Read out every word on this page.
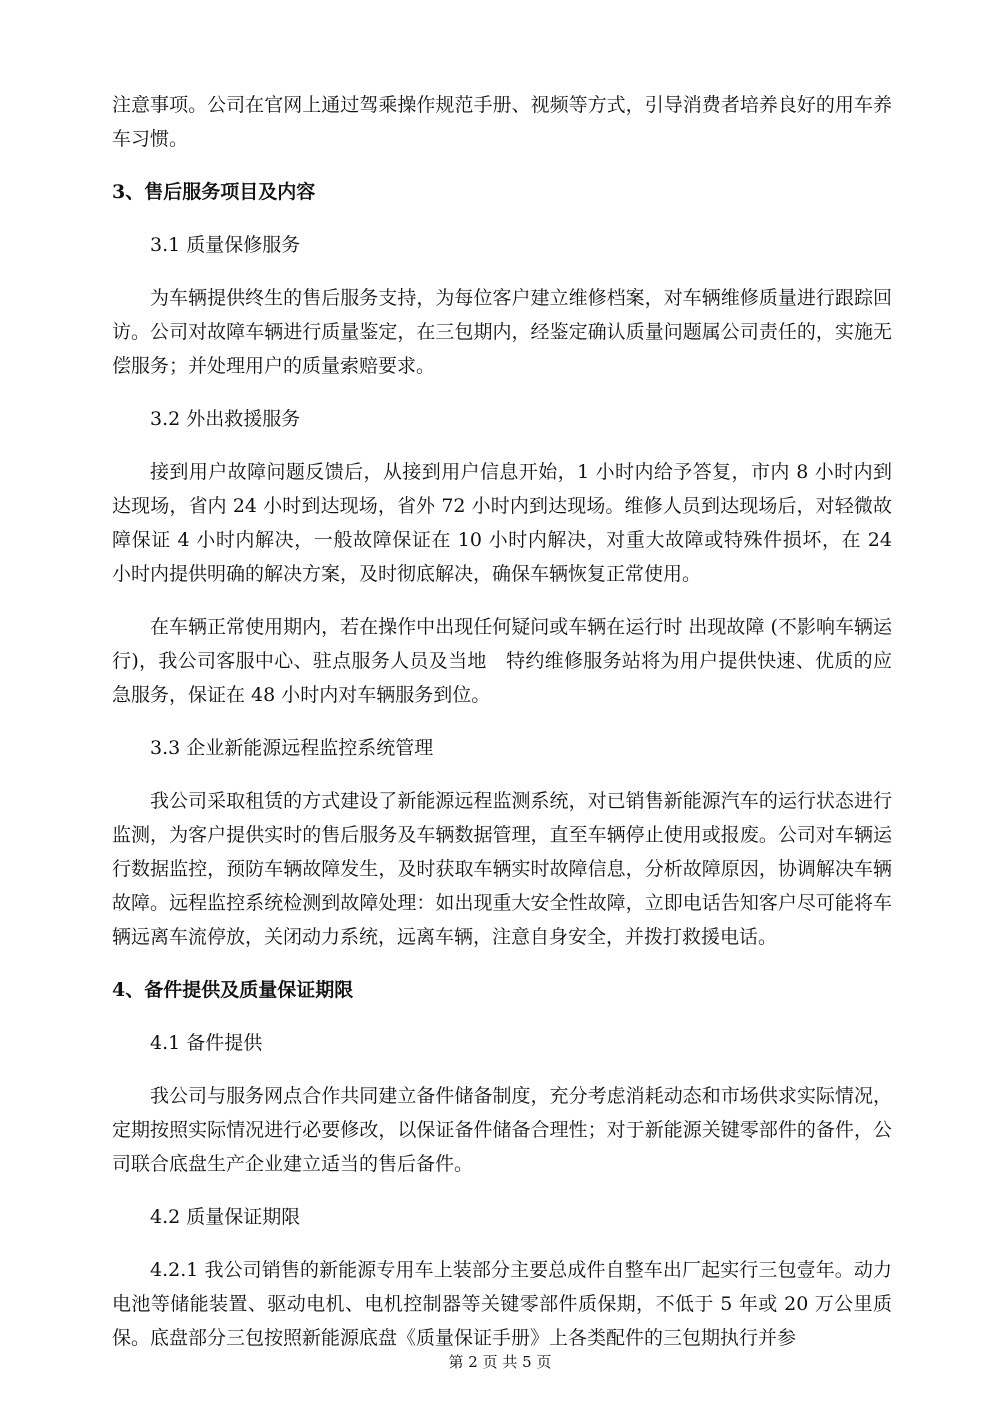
注意事项。公司在官网上通过驾乘操作规范手册、视频等方式，引导消费者培养良好的用车养车习惯。

3、售后服务项目及内容

3.1 质量保修服务

为车辆提供终生的售后服务支持，为每位客户建立维修档案，对车辆维修质量进行跟踪回访。公司对故障车辆进行质量鉴定，在三包期内，经鉴定确认质量问题属公司责任的，实施无偿服务；并处理用户的质量索赔要求。

3.2 外出救援服务

接到用户故障问题反馈后，从接到用户信息开始，1 小时内给予答复，市内 8 小时内到达现场，省内 24 小时到达现场，省外 72 小时内到达现场。维修人员到达现场后，对轻微故障保证 4 小时内解决，一般故障保证在 10 小时内解决，对重大故障或特殊件损坏，在 24 小时内提供明确的解决方案，及时彻底解决，确保车辆恢复正常使用。

在车辆正常使用期内，若在操作中出现任何疑问或车辆在运行时 出现故障 (不影响车辆运行)，我公司客服中心、驻点服务人员及当地　特约维修服务站将为用户提供快速、优质的应急服务，保证在 48 小时内对车辆服务到位。

3.3 企业新能源远程监控系统管理

我公司采取租赁的方式建设了新能源远程监测系统，对已销售新能源汽车的运行状态进行监测，为客户提供实时的售后服务及车辆数据管理，直至车辆停止使用或报废。公司对车辆运行数据监控，预防车辆故障发生，及时获取车辆实时故障信息，分析故障原因，协调解决车辆故障。远程监控系统检测到故障处理：如出现重大安全性故障，立即电话告知客户尽可能将车辆远离车流停放，关闭动力系统，远离车辆，注意自身安全，并拨打救援电话。

4、备件提供及质量保证期限

4.1 备件提供

我公司与服务网点合作共同建立备件储备制度，充分考虑消耗动态和市场供求实际情况，定期按照实际情况进行必要修改，以保证备件储备合理性；对于新能源关键零部件的备件，公司联合底盘生产企业建立适当的售后备件。

4.2 质量保证期限

4.2.1 我公司销售的新能源专用车上装部分主要总成件自整车出厂起实行三包壹年。动力电池等储能装置、驱动电机、电机控制器等关键零部件质保期，不低于 5 年或 20 万公里质保。底盘部分三包按照新能源底盘《质量保证手册》上各类配件的三包期执行并参

第 2 页 共 5 页
